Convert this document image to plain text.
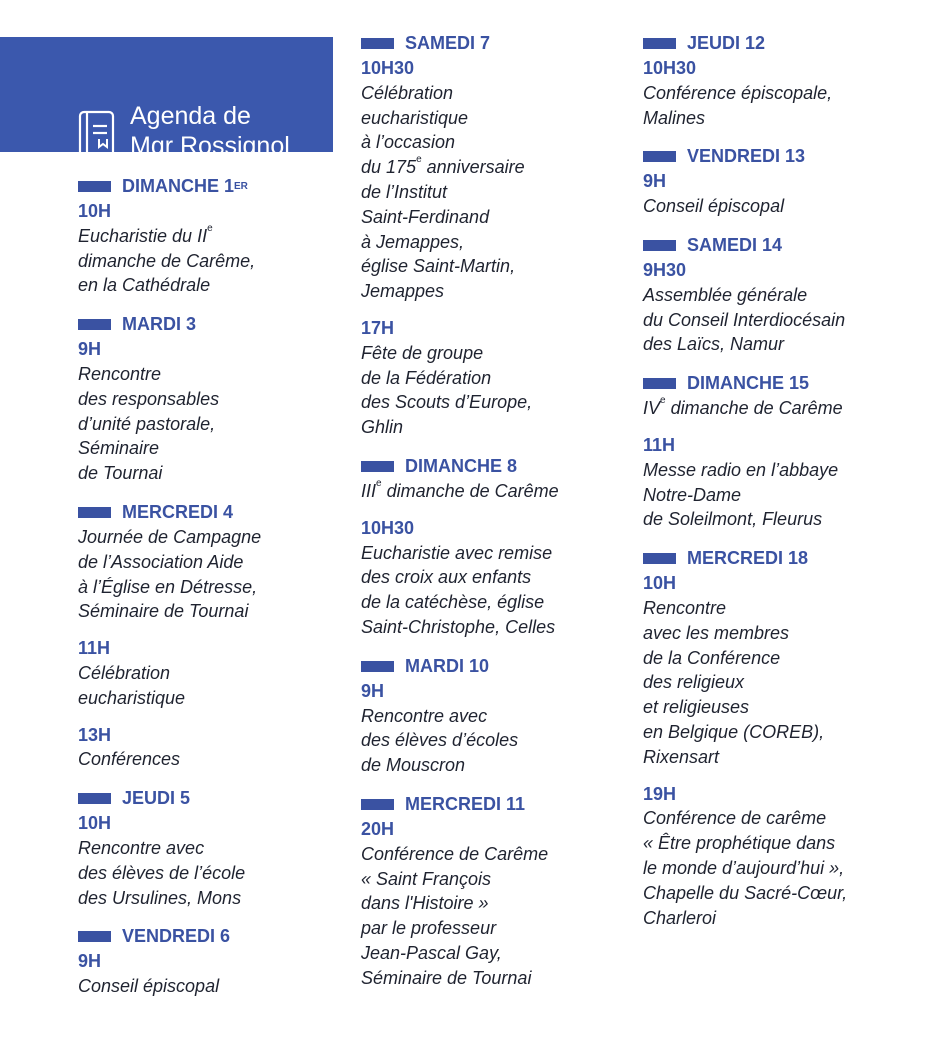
Agenda de
Mgr Rossignol
DIMANCHE 1 ER
10H
Eucharistie du IIe
dimanche de Carême,
en la Cathédrale
MARDI 3
9H
Rencontre
des responsables
d’unité pastorale,
Séminaire
de Tournai
MERCREDI 4
Journée de Campagne
de l’Association Aide
à l’Église en Détresse,
Séminaire de Tournai
11H
Célébration
eucharistique
13H
Conférences
JEUDI 5
10H
Rencontre avec
des élèves de l’école
des Ursulines, Mons
VENDREDI 6
9H
Conseil épiscopal
SAMEDI 7
10H30
Célébration
eucharistique
à l’occasion
du 175e anniversaire
de l’Institut
Saint-Ferdinand
à Jemappes,
église Saint-Martin,
Jemappes
17H
Fête de groupe
de la Fédération
des Scouts d’Europe,
Ghlin
DIMANCHE 8
IIIe dimanche de Carême
10H30
Eucharistie avec remise
des croix aux enfants
de la catéchèse, église
Saint-Christophe, Celles
MARDI 10
9H
Rencontre avec
des élèves d’écoles
de Mouscron
MERCREDI 11
20H
Conférence de Carême
« Saint François
dans l'Histoire »
par le professeur
Jean-Pascal Gay,
Séminaire de Tournai
JEUDI 12
10H30
Conférence épiscopale,
Malines
VENDREDI 13
9H
Conseil épiscopal
SAMEDI 14
9H30
Assemblée générale
du Conseil Interdiocésain
des Laïcs, Namur
DIMANCHE 15
IVe dimanche de Carême
11H
Messe radio en l’abbaye
Notre-Dame
de Soleilmont, Fleurus
MERCREDI 18
10H
Rencontre
avec les membres
de la Conférence
des religieux
et religieuses
en Belgique (COREB),
Rixensart
19H
Conférence de carême
« Être prophétique dans
le monde d’aujourd’hui »,
Chapelle du Sacré-Cœur,
Charleroi
